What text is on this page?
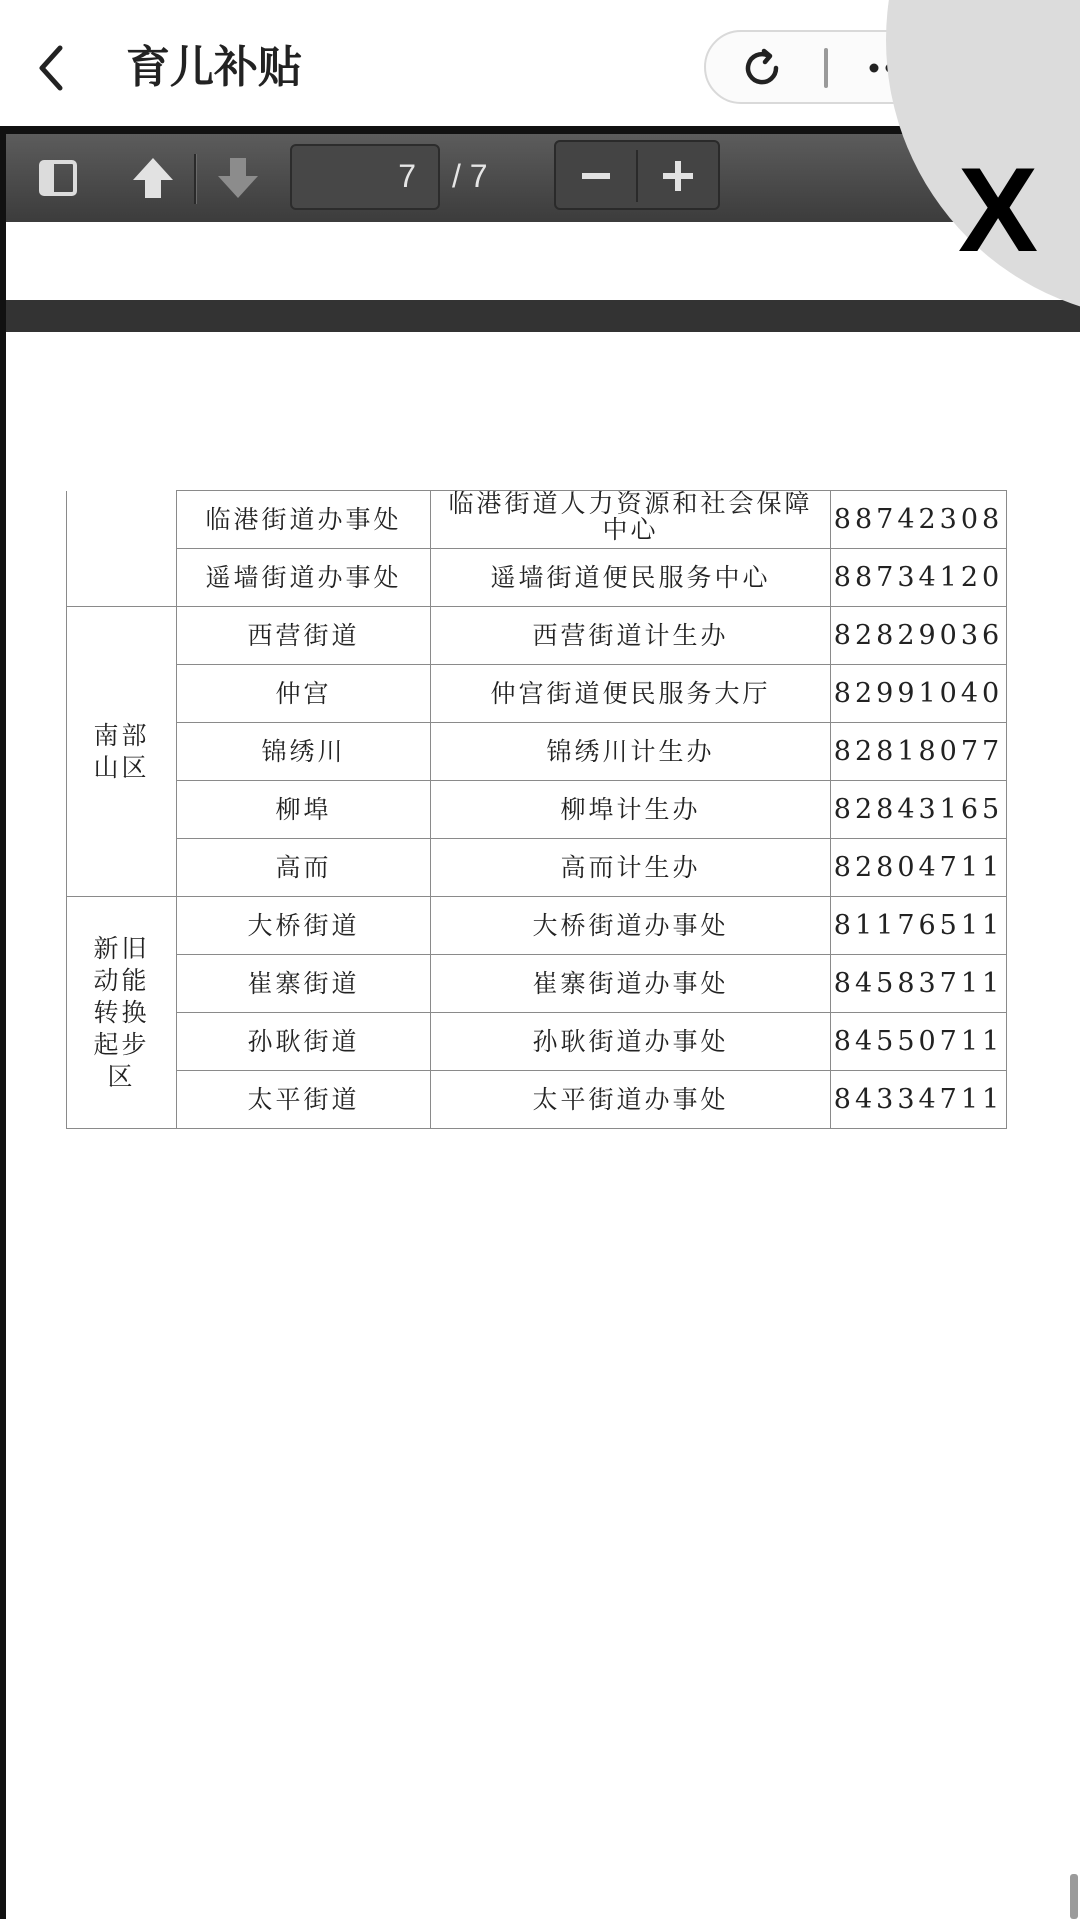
育儿补贴
7	/ 7	X
	临港街道办事处	临港街道人力资源和社会保障中心	88742308
	遥墙街道办事处	遥墙街道便民服务中心	88734120

南部山区	西营街道	西营街道计生办	82829036
	仲宫	仲宫街道便民服务大厅	82991040
	锦绣川	锦绣川计生办	82818077
	柳埠	柳埠计生办	82843165
	高而	高而计生办	82804711

新旧动能转换起步区	大桥街道	大桥街道办事处	81176511
	崔寨街道	崔寨街道办事处	84583711
	孙耿街道	孙耿街道办事处	84550711
	太平街道	太平街道办事处	84334711
